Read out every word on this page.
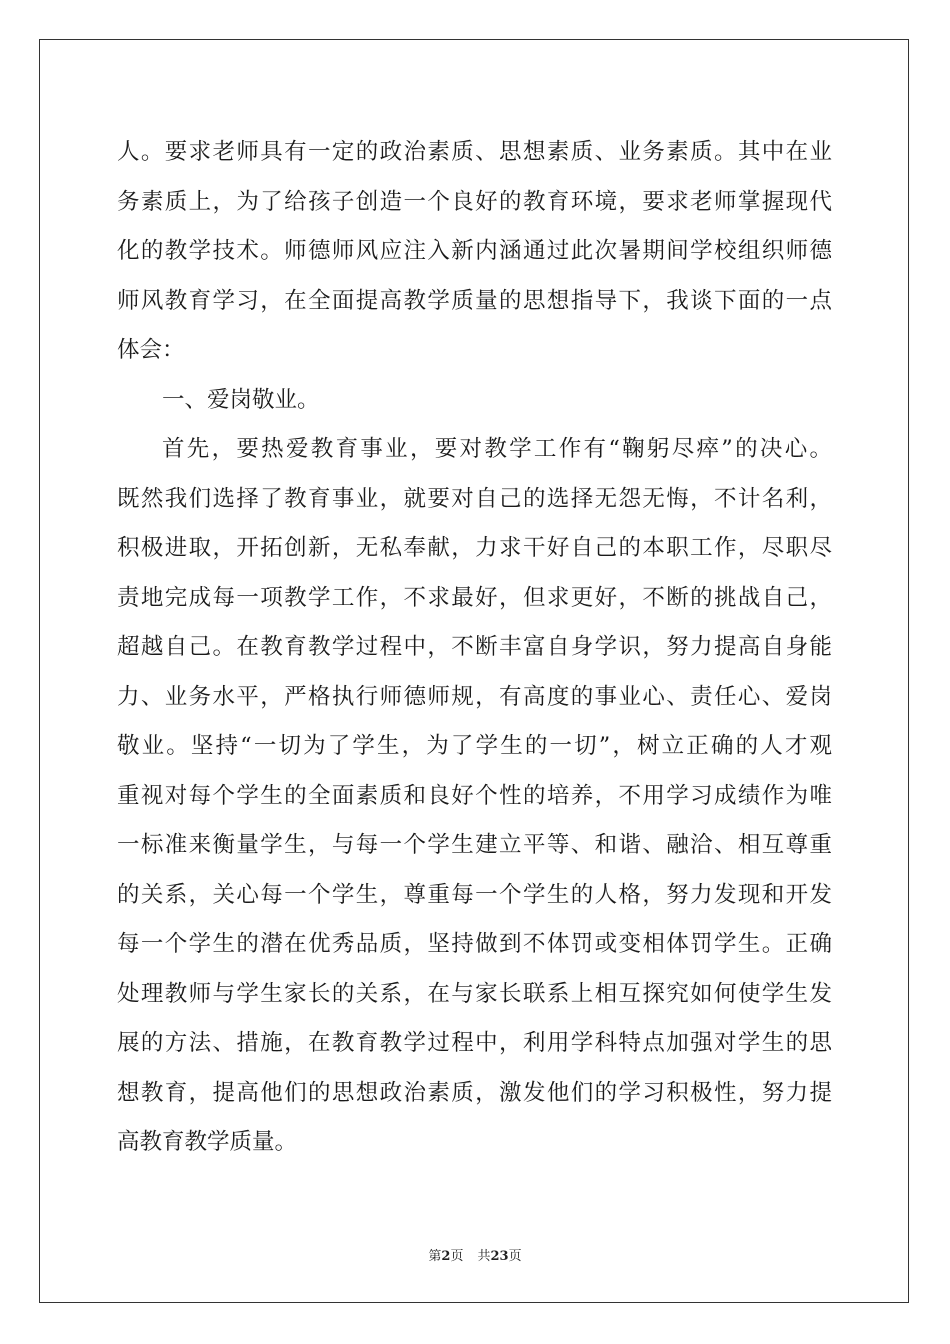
人。要求老师具有一定的政治素质、思想素质、业务素质。其中在业
务素质上，为了给孩子创造一个良好的教育环境，要求老师掌握现代
化的教学技术。师德师风应注入新内涵通过此次暑期间学校组织师德
师风教育学习，在全面提高教学质量的思想指导下，我谈下面的一点
体会：
一、爱岗敬业。
首先，要热爱教育事业，要对教学工作有“鞠躬尽瘁”的决心。
既然我们选择了教育事业，就要对自己的选择无怨无悔，不计名利，
积极进取，开拓创新，无私奉献，力求干好自己的本职工作，尽职尽
责地完成每一项教学工作，不求最好，但求更好，不断的挑战自己，
超越自己。在教育教学过程中，不断丰富自身学识，努力提高自身能
力、业务水平，严格执行师德师规，有高度的事业心、责任心、爱岗
敬业。坚持“一切为了学生，为了学生的一切”，树立正确的人才观
重视对每个学生的全面素质和良好个性的培养，不用学习成绩作为唯
一标准来衡量学生，与每一个学生建立平等、和谐、融洽、相互尊重
的关系，关心每一个学生，尊重每一个学生的人格，努力发现和开发
每一个学生的潜在优秀品质，坚持做到不体罚或变相体罚学生。正确
处理教师与学生家长的关系，在与家长联系上相互探究如何使学生发
展的方法、措施，在教育教学过程中，利用学科特点加强对学生的思
想教育，提高他们的思想政治素质，激发他们的学习积极性，努力提
高教育教学质量。
第2页 共23页
